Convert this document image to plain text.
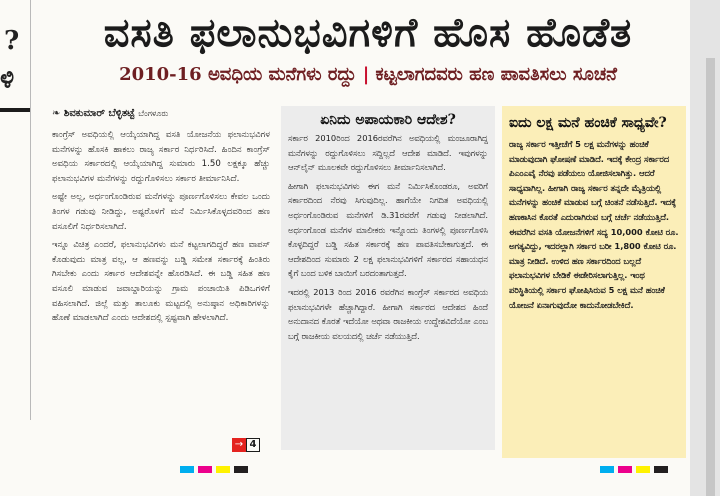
?
ಳಿ
ವಸತಿ ಫಲಾನುಭವಿಗಳಿಗೆ ಹೊಸ ಹೊಡೆತ
2010-16 ಅವಧಿಯ ಮನೆಗಳು ರದ್ದು | ಕಟ್ಟಲಾಗದವರು ಹಣ ಪಾವತಿಸಲು ಸೂಚನೆ
❧ ಶಿವಕುಮಾರ್ ಬೆಳ್ಳಿತಟ್ಟೆ ಬೆಂಗಳೂರು

ಕಾಂಗ್ರೆಸ್ ಅವಧಿಯಲ್ಲಿ ಆಯ್ಕೆಯಾಗಿದ್ದ ವಸತಿ ಯೋಜನೆಯ ಫಲಾನುಭವಿಗಳ ಮನೆಗಳನ್ನು ಹೊಸಕಿ ಹಾಕಲು ರಾಜ್ಯ ಸರ್ಕಾರ ನಿರ್ಧರಿಸಿದೆ. ಹಿಂದಿನ ಕಾಂಗ್ರೆಸ್ ಅವಧಿಯ ಸರ್ಕಾರದಲ್ಲಿ ಆಯ್ಕೆಯಾಗಿದ್ದ ಸುಮಾರು 1.50 ಲಕ್ಷಕ್ಕೂ ಹೆಚ್ಚು ಫಲಾನುಭವಿಗಳ ಮನೆಗಳನ್ನು ರದ್ದುಗೊಳಿಸಲು ಸರ್ಕಾರ ತೀರ್ಮಾನಿಸಿದೆ.

ಅಷ್ಟೇ ಅಲ್ಲ, ಅರ್ಧಂಗೊಂಡಿರುವ ಮನೆಗಳನ್ನು ಪೂರ್ಣಗೊಳಿಸಲು ಕೇವಲ ಒಂದು ತಿಂಗಳ ಗಡುವು ನೀಡಿದ್ದು, ಅಷ್ಟರೊಳಗೆ ಮನೆ ನಿರ್ಮಿಸಿಕೊಳ್ಳದವರಿಂದ ಹಣ ವಸೂಲಿಗೆ ನಿರ್ಧರಿಸಲಾಗಿದೆ.

ಇನ್ನೂ ವಿಚಿತ್ರ ಎಂದರೆ, ಫಲಾನುಭವಿಗಳು ಮನೆ ಕಟ್ಟಲಾಗದಿದ್ದರೆ ಹಣ ವಾಪಸ್ ಕೊಡುವುದು ಮಾತ್ರ ವಲ್ಲ, ಆ ಹಣವನ್ನು ಬಡ್ಡಿ ಸಮೇತ ಸರ್ಕಾರಕ್ಕೆ ಹಿಂತಿರು ಗಿಸಬೇಕು ಎಂದು ಸರ್ಕಾರ ಆದೇಶವನ್ನೇ ಹೊರಡಿಸಿದೆ. ಈ ಬಡ್ಡಿ ಸಹಿತ ಹಣ ವಸೂಲಿ ಮಾಡುವ ಜವಾಬ್ದಾರಿಯನ್ನು ಗ್ರಾಮ ಪಂಚಾಯಿತಿ ಪಿಡಿಒಗಳಿಗೆ ವಹಿಸಲಾಗಿದೆ. ಜಿಲ್ಲೆ ಮತ್ತು ತಾಲೂಕು ಮಟ್ಟದಲ್ಲಿ ಅನುಷ್ಠಾನ ಅಧಿಕಾರಿಗಳನ್ನು ಹೊಣೆ ಮಾಡಲಾಗಿದೆ ಎಂದು ಆದೇಶದಲ್ಲಿ ಸ್ಪಷ್ಟವಾಗಿ ಹೇಳಲಾಗಿದೆ.

→ 4
ಏನಿದು ಅಪಾಯಕಾರಿ ಆದೇಶ?

ಸರ್ಕಾರ 2010ರಿಂದ 2016ರವರೆಗಿನ ಅವಧಿಯಲ್ಲಿ ಮಂಜೂರಾಗಿದ್ದ ಮನೆಗಳನ್ನು ರದ್ದುಗೊಳಿಸಲು ಸದ್ದಿಲ್ಲದೆ ಆದೇಶ ಮಾಡಿದೆ. ಇವುಗಳನ್ನು ಆನ್‌ಲೈನ್ ಮೂಲಕವೇ ರದ್ದುಗೊಳಿಸಲು ತೀರ್ಮಾನಿಸಲಾಗಿದೆ.

ಹೀಗಾಗಿ ಫಲಾನುಭವಿಗಳು ಈಗ ಮನೆ ನಿರ್ಮಿಸಿಕೊಂಡರೂ, ಅವರಿಗೆ ಸರ್ಕಾರದಿಂದ ನೆರವು ಸಿಗುವುದಿಲ್ಲ. ಹಾಗೆಯೇ ನಿಗದಿತ ಅವಧಿಯಲ್ಲಿ ಅರ್ಧಂಗೊಂಡಿರುವ ಮನೆಗಳಿಗೆ ಡಿ.31ರವರೆಗೆ ಗಡುವು ನೀಡಲಾಗಿದೆ. ಅರ್ಧಂಗೊಂಡ ಮನೆಗಳ ಮಾಲೀಕರು ಇನ್ನೊಂದು ತಿಂಗಳಲ್ಲಿ ಪೂರ್ಣಗೊಳಿಸಿ ಕೊಳ್ಳದಿದ್ದರೆ ಬಡ್ಡಿ ಸಹಿತ ಸರ್ಕಾರಕ್ಕೆ ಹಣ ಪಾವತಿಸಬೇಕಾಗುತ್ತದೆ. ಈ ಆದೇಶದಿಂದ ಸುಮಾರು 2 ಲಕ್ಷ ಫಲಾನುಭವಿಗಳಿಗೆ ಸರ್ಕಾರದ ಸಹಾಯಧನ ಕೈಗೆ ಬಂದ ಬಳಿಕ ಬಾಯಿಗೆ ಬರದಂತಾಗುತ್ತದೆ.

ಇದರಲ್ಲಿ 2013 ರಿಂದ 2016 ರವರೆಗಿನ ಕಾಂಗ್ರೆಸ್ ಸರ್ಕಾರದ ಅವಧಿಯ ಫಲಾನುಭವಿಗಳೇ ಹೆಚ್ಚಾಗಿದ್ದಾರೆ. ಹೀಗಾಗಿ ಸರ್ಕಾರದ ಆದೇಶದ ಹಿಂದೆ ಅನುದಾನದ ಕೊರತೆ ಇದೆಯೋ ಅಥವಾ ರಾಜಕೀಯ ಉದ್ದೇಶವಿದೆಯೋ ಎಂಬ ಬಗ್ಗೆ ರಾಜಕೀಯ ವಲಯದಲ್ಲಿ ಚರ್ಚೆ ನಡೆಯುತ್ತಿದೆ.

ಐದು ಲಕ್ಷ ಮನೆ ಹಂಚಿಕೆ ಸಾಧ್ಯವೇ?

ರಾಜ್ಯ ಸರ್ಕಾರ ಇತ್ತೀಚೆಗೆ 5 ಲಕ್ಷ ಮನೆಗಳನ್ನು ಹಂಚಿಕೆ ಮಾಡುವುದಾಗಿ ಘೋಷಣೆ ಮಾಡಿದೆ. ಇದಕ್ಕೆ ಕೇಂದ್ರ ಸರ್ಕಾರದ ಪಿಎಂಎವೈ ನೆರವು ಪಡೆಯಲು ಯೋಜಿಸಲಾಗಿತ್ತು. ಆದರೆ ಸಾಧ್ಯವಾಗಿಲ್ಲ. ಹೀಗಾಗಿ ರಾಜ್ಯ ಸರ್ಕಾರ ತನ್ನದೇ ಮೈತ್ರಿಯಲ್ಲಿ ಮನೆಗಳನ್ನು ಹಂಚಿಕೆ ಮಾಡುವ ಬಗ್ಗೆ ಚಿಂತನೆ ನಡೆಸುತ್ತಿದೆ. ಇದಕ್ಕೆ ಹಣಕಾಸಿನ ಕೊರತೆ ಎದುರಾಗಿರುವ ಬಗ್ಗೆ ಚರ್ಚೆ ನಡೆಯುತ್ತಿದೆ. ಈವರೆಗಿನ ವಸತಿ ಯೋಜನೆಗಳಿಗೆ ಸದ್ಯ 10,000 ಕೋಟಿ ರೂ. ಅಗತ್ಯವಿದ್ದು, ಇದರಲ್ಲಾಗಿ ಸರ್ಕಾರ ಬರೀ 1,800 ಕೋಟಿ ರೂ. ಮಾತ್ರ ನೀಡಿದೆ. ಉಳಿದ ಹಣ ಸರ್ಕಾರದಿಂದ ಬಲ್ಲದೆ ಫಲಾನುಭವಿಗಳ ಬೇಡಿಕೆ ಈಡೇರಿಸಲಾಗುತ್ತಿಲ್ಲ. ಇಂಥ ಪರಿಸ್ಥಿತಿಯಲ್ಲಿ ಸರ್ಕಾರ ಘೋಷಿಸಿರುವ 5 ಲಕ್ಷ ಮನೆ ಹಂಚಿಕೆ ಯೋಜನೆ ಏನಾಗುವುದೋ ಕಾದುನೋಡಬೇಕಿದೆ.
